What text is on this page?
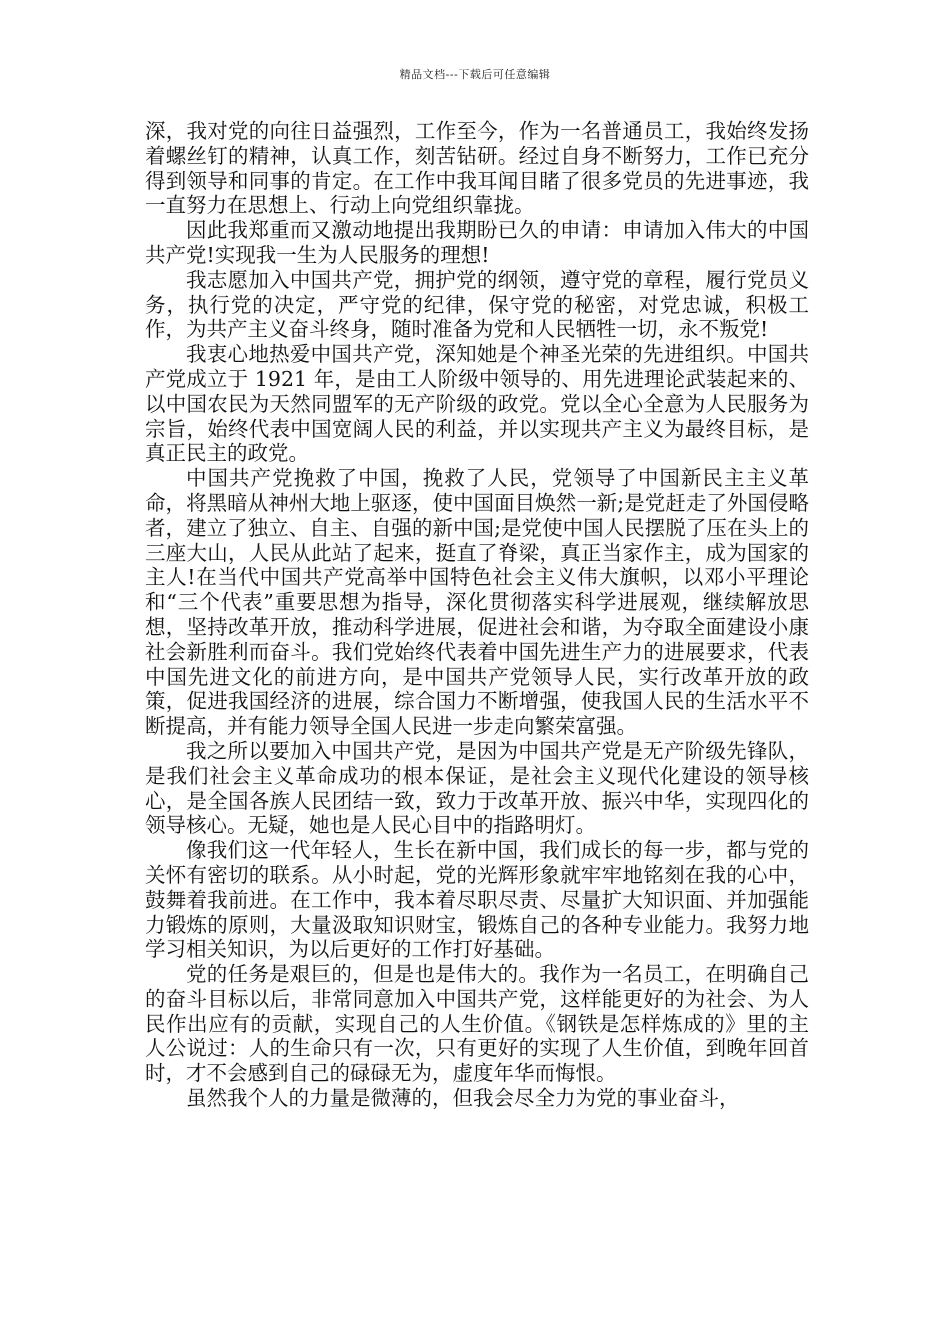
精品文档---下载后可任意编辑

深，我对党的向往日益强烈，工作至今，作为一名普通员工，我始终发扬着螺丝钉的精神，认真工作，刻苦钻研。经过自身不断努力，工作已充分得到领导和同事的肯定。在工作中我耳闻目睹了很多党员的先进事迹，我一直努力在思想上、行动上向党组织靠拢。

因此我郑重而又激动地提出我期盼已久的申请：申请加入伟大的中国共产党!实现我一生为人民服务的理想!

我志愿加入中国共产党，拥护党的纲领，遵守党的章程，履行党员义务，执行党的决定，严守党的纪律，保守党的秘密，对党忠诚，积极工作，为共产主义奋斗终身，随时准备为党和人民牺牲一切，永不叛党!

我衷心地热爱中国共产党，深知她是个神圣光荣的先进组织。中国共产党成立于 1921 年，是由工人阶级中领导的、用先进理论武装起来的、以中国农民为天然同盟军的无产阶级的政党。党以全心全意为人民服务为宗旨，始终代表中国宽阔人民的利益，并以实现共产主义为最终目标，是真正民主的政党。

中国共产党挽救了中国，挽救了人民，党领导了中国新民主主义革命，将黑暗从神州大地上驱逐，使中国面目焕然一新;是党赶走了外国侵略者，建立了独立、自主、自强的新中国;是党使中国人民摆脱了压在头上的三座大山，人民从此站了起来，挺直了脊梁，真正当家作主，成为国家的主人!在当代中国共产党高举中国特色社会主义伟大旗帜，以邓小平理论和“三个代表”重要思想为指导，深化贯彻落实科学进展观，继续解放思想，坚持改革开放，推动科学进展，促进社会和谐，为夺取全面建设小康社会新胜利而奋斗。我们党始终代表着中国先进生产力的进展要求，代表中国先进文化的前进方向，是中国共产党领导人民，实行改革开放的政策，促进我国经济的进展，综合国力不断增强，使我国人民的生活水平不断提高，并有能力领导全国人民进一步走向繁荣富强。

我之所以要加入中国共产党，是因为中国共产党是无产阶级先锋队，是我们社会主义革命成功的根本保证，是社会主义现代化建设的领导核心，是全国各族人民团结一致，致力于改革开放、振兴中华，实现四化的领导核心。无疑，她也是人民心目中的指路明灯。

像我们这一代年轻人，生长在新中国，我们成长的每一步，都与党的关怀有密切的联系。从小时起，党的光辉形象就牢牢地铭刻在我的心中，鼓舞着我前进。在工作中，我本着尽职尽责、尽量扩大知识面、并加强能力锻炼的原则，大量汲取知识财宝，锻炼自己的各种专业能力。我努力地学习相关知识，为以后更好的工作打好基础。

党的任务是艰巨的，但是也是伟大的。我作为一名员工，在明确自己的奋斗目标以后，非常同意加入中国共产党，这样能更好的为社会、为人民作出应有的贡献，实现自己的人生价值。《钢铁是怎样炼成的》里的主人公说过：人的生命只有一次，只有更好的实现了人生价值，到晚年回首时，才不会感到自己的碌碌无为，虚度年华而悔恨。

虽然我个人的力量是微薄的，但我会尽全力为党的事业奋斗，
